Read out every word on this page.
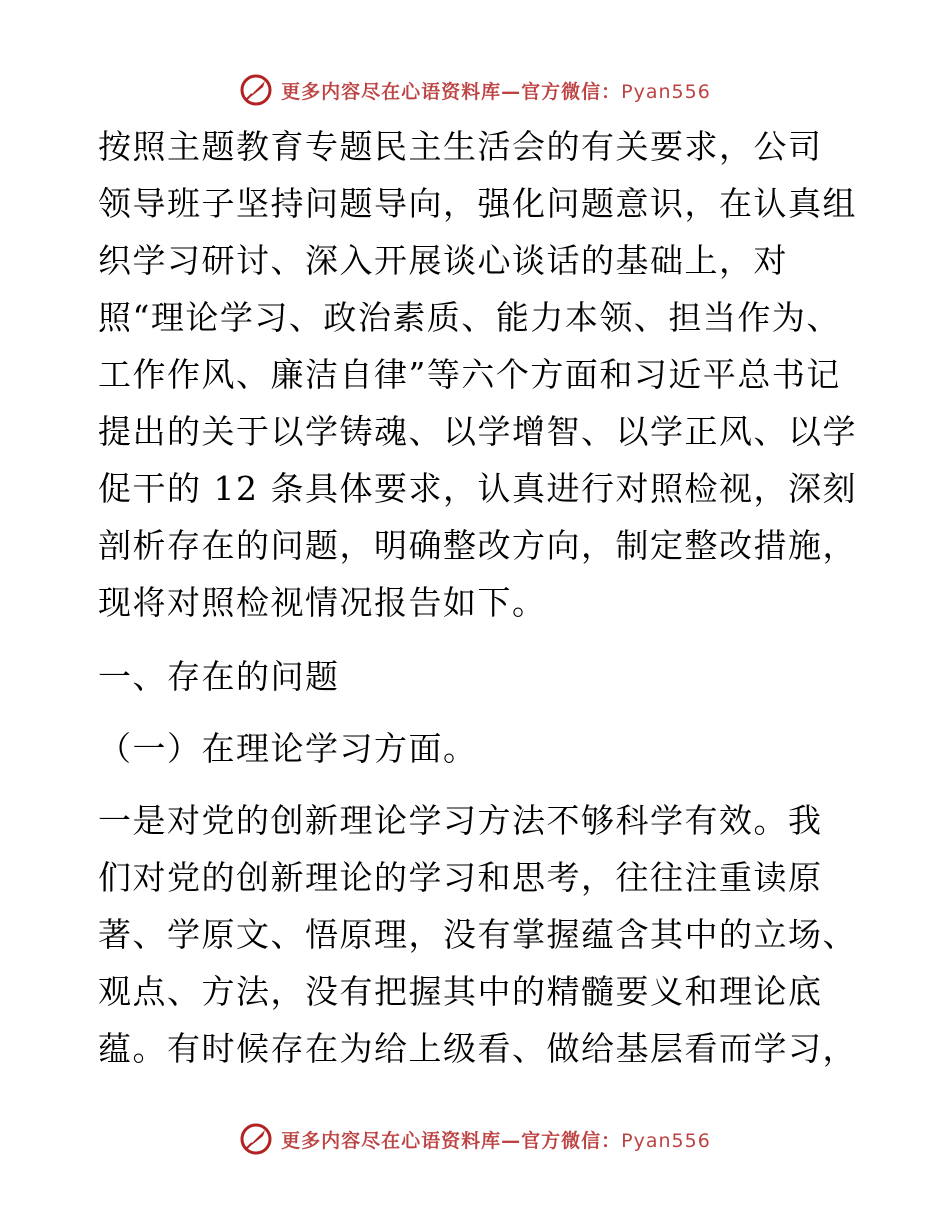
更多内容尽在心语资料库—官方微信：Pyan556

按照主题教育专题民主生活会的有关要求，公司
领导班子坚持问题导向，强化问题意识，在认真组
织学习研讨、深入开展谈心谈话的基础上，对
照“理论学习、政治素质、能力本领、担当作为、
工作作风、廉洁自律”等六个方面和习近平总书记
提出的关于以学铸魂、以学增智、以学正风、以学
促干的 12 条具体要求，认真进行对照检视，深刻
剖析存在的问题，明确整改方向，制定整改措施，
现将对照检视情况报告如下。

一、存在的问题

（一）在理论学习方面。

一是对党的创新理论学习方法不够科学有效。我
们对党的创新理论的学习和思考，往往注重读原
著、学原文、悟原理，没有掌握蕴含其中的立场、
观点、方法，没有把握其中的精髓要义和理论底
蕴。有时候存在为给上级看、做给基层看而学习，

更多内容尽在心语资料库—官方微信：Pyan556
